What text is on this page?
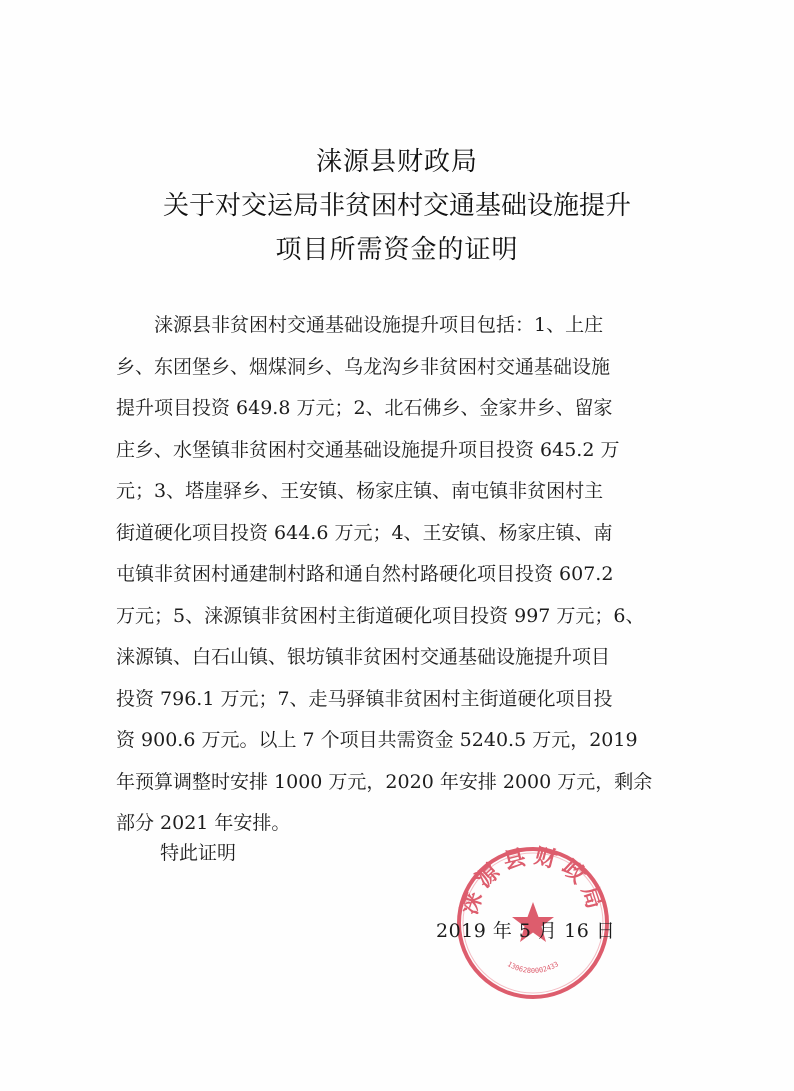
涞源县财政局
关于对交运局非贫困村交通基础设施提升
项目所需资金的证明
涞源县非贫困村交通基础设施提升项目包括：1、上庄
乡、东团堡乡、烟煤洞乡、乌龙沟乡非贫困村交通基础设施
提升项目投资 649.8 万元；2、北石佛乡、金家井乡、留家
庄乡、水堡镇非贫困村交通基础设施提升项目投资 645.2 万
元；3、塔崖驿乡、王安镇、杨家庄镇、南屯镇非贫困村主
街道硬化项目投资 644.6 万元；4、王安镇、杨家庄镇、南
屯镇非贫困村通建制村路和通自然村路硬化项目投资 607.2
万元；5、涞源镇非贫困村主街道硬化项目投资 997 万元；6、
涞源镇、白石山镇、银坊镇非贫困村交通基础设施提升项目
投资 796.1 万元；7、走马驿镇非贫困村主街道硬化项目投
资 900.6 万元。以上 7 个项目共需资金 5240.5 万元，2019
年预算调整时安排 1000 万元，2020 年安排 2000 万元，剩余
部分 2021 年安排。
特此证明
涞源县财政局
1306280002433
2019 年 5 月 16 日
